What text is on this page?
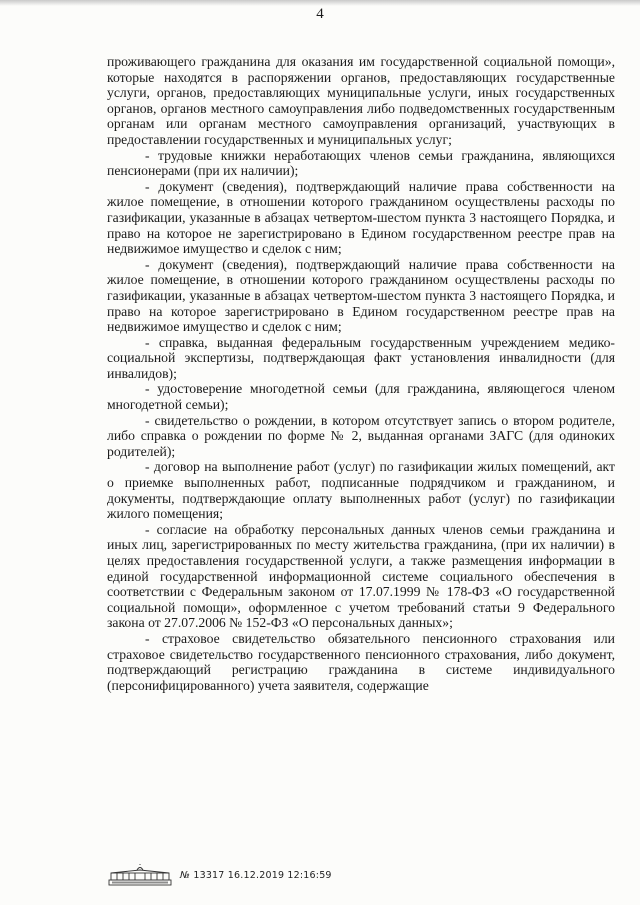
4

проживающего гражданина для оказания им государственной социальной помощи», которые находятся в распоряжении органов, предоставляющих государственные услуги, органов, предоставляющих муниципальные услуги, иных государственных органов, органов местного самоуправления либо подведомственных государственным органам или органам местного самоуправления организаций, участвующих в предоставлении государственных и муниципальных услуг;

- трудовые книжки неработающих членов семьи гражданина, являющихся пенсионерами (при их наличии);

- документ (сведения), подтверждающий наличие права собственности на жилое помещение, в отношении которого гражданином осуществлены расходы по газификации, указанные в абзацах четвертом-шестом пункта 3 настоящего Порядка, и право на которое не зарегистрировано в Едином государственном реестре прав на недвижимое имущество и сделок с ним;

- документ (сведения), подтверждающий наличие права собственности на жилое помещение, в отношении которого гражданином осуществлены расходы по газификации, указанные в абзацах четвертом-шестом пункта 3 настоящего Порядка, и право на которое зарегистрировано в Едином государственном реестре прав на недвижимое имущество и сделок с ним;

- справка, выданная федеральным государственным учреждением медико-социальной экспертизы, подтверждающая факт установления инвалидности (для инвалидов);

- удостоверение многодетной семьи (для гражданина, являющегося членом многодетной семьи);

- свидетельство о рождении, в котором отсутствует запись о втором родителе, либо справка о рождении по форме № 2, выданная органами ЗАГС (для одиноких родителей);

- договор на выполнение работ (услуг) по газификации жилых помещений, акт о приемке выполненных работ, подписанные подрядчиком и гражданином, и документы, подтверждающие оплату выполненных работ (услуг) по газификации жилого помещения;

- согласие на обработку персональных данных членов семьи гражданина и иных лиц, зарегистрированных по месту жительства гражданина, (при их наличии) в целях предоставления государственной услуги, а также размещения информации в единой государственной информационной системе социального обеспечения в соответствии с Федеральным законом от 17.07.1999 № 178-ФЗ «О государственной социальной помощи», оформленное с учетом требований статьи 9 Федерального закона от 27.07.2006 № 152-ФЗ «О персональных данных»;

- страховое свидетельство обязательного пенсионного страхования или страховое свидетельство государственного пенсионного страхования, либо документ, подтверждающий регистрацию гражданина в системе индивидуального (персонифицированного) учета заявителя, содержащие

№ 13317 16.12.2019 12:16:59
